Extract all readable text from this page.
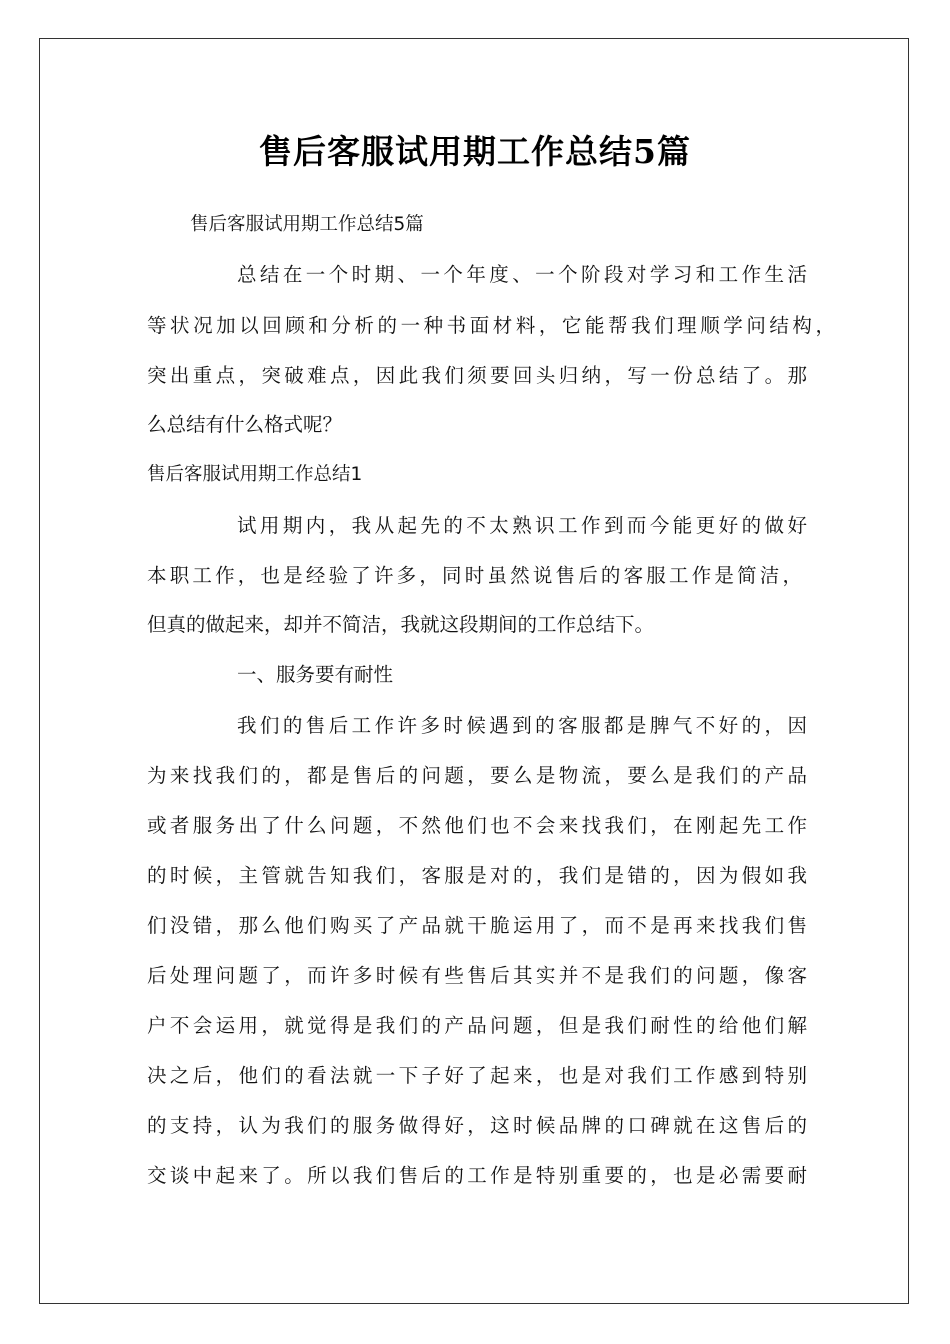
售后客服试用期工作总结5篇
售后客服试用期工作总结5篇
总结在一个时期、一个年度、一个阶段对学习和工作生活
等状况加以回顾和分析的一种书面材料，它能帮我们理顺学问结构，
突出重点，突破难点，因此我们须要回头归纳，写一份总结了。那
么总结有什么格式呢？
售后客服试用期工作总结1
试用期内，我从起先的不太熟识工作到而今能更好的做好
本职工作，也是经验了许多，同时虽然说售后的客服工作是简洁，
但真的做起来，却并不简洁，我就这段期间的工作总结下。
一、服务要有耐性
我们的售后工作许多时候遇到的客服都是脾气不好的，因
为来找我们的，都是售后的问题，要么是物流，要么是我们的产品
或者服务出了什么问题，不然他们也不会来找我们，在刚起先工作
的时候，主管就告知我们，客服是对的，我们是错的，因为假如我
们没错，那么他们购买了产品就干脆运用了，而不是再来找我们售
后处理问题了，而许多时候有些售后其实并不是我们的问题，像客
户不会运用，就觉得是我们的产品问题，但是我们耐性的给他们解
决之后，他们的看法就一下子好了起来，也是对我们工作感到特别
的支持，认为我们的服务做得好，这时候品牌的口碑就在这售后的
交谈中起来了。所以我们售后的工作是特别重要的，也是必需要耐
